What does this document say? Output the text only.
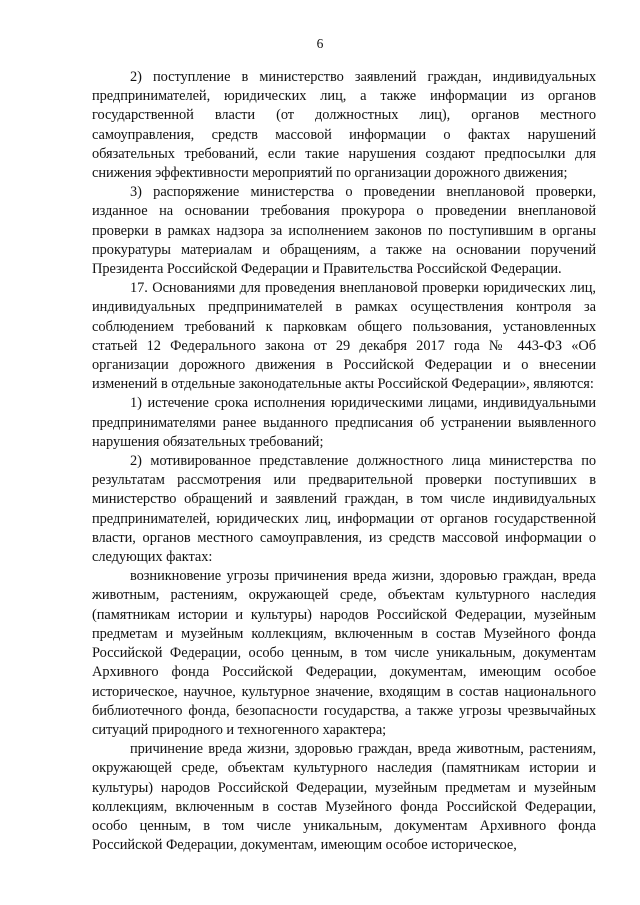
6

2) поступление в министерство заявлений граждан, индивидуальных предпринимателей, юридических лиц, а также информации из органов государственной власти (от должностных лиц), органов местного самоуправления, средств массовой информации о фактах нарушений обязательных требований, если такие нарушения создают предпосылки для снижения эффективности мероприятий по организации дорожного движения;

3) распоряжение министерства о проведении внеплановой проверки, изданное на основании требования прокурора о проведении внеплановой проверки в рамках надзора за исполнением законов по поступившим в органы прокуратуры материалам и обращениям, а также на основании поручений Президента Российской Федерации и Правительства Российской Федерации.

17. Основаниями для проведения внеплановой проверки юридических лиц, индивидуальных предпринимателей в рамках осуществления контроля за соблюдением требований к парковкам общего пользования, установленных статьей 12 Федерального закона от 29 декабря 2017 года № 443-ФЗ «Об организации дорожного движения в Российской Федерации и о внесении изменений в отдельные законодательные акты Российской Федерации», являются:

1) истечение срока исполнения юридическими лицами, индивидуальными предпринимателями ранее выданного предписания об устранении выявленного нарушения обязательных требований;

2) мотивированное представление должностного лица министерства по результатам рассмотрения или предварительной проверки поступивших в министерство обращений и заявлений граждан, в том числе индивидуальных предпринимателей, юридических лиц, информации от органов государственной власти, органов местного самоуправления, из средств массовой информации о следующих фактах:

возникновение угрозы причинения вреда жизни, здоровью граждан, вреда животным, растениям, окружающей среде, объектам культурного наследия (памятникам истории и культуры) народов Российской Федерации, музейным предметам и музейным коллекциям, включенным в состав Музейного фонда Российской Федерации, особо ценным, в том числе уникальным, документам Архивного фонда Российской Федерации, документам, имеющим особое историческое, научное, культурное значение, входящим в состав национального библиотечного фонда, безопасности государства, а также угрозы чрезвычайных ситуаций природного и техногенного характера;

причинение вреда жизни, здоровью граждан, вреда животным, растениям, окружающей среде, объектам культурного наследия (памятникам истории и культуры) народов Российской Федерации, музейным предметам и музейным коллекциям, включенным в состав Музейного фонда Российской Федерации, особо ценным, в том числе уникальным, документам Архивного фонда Российской Федерации, документам, имеющим особое историческое,
